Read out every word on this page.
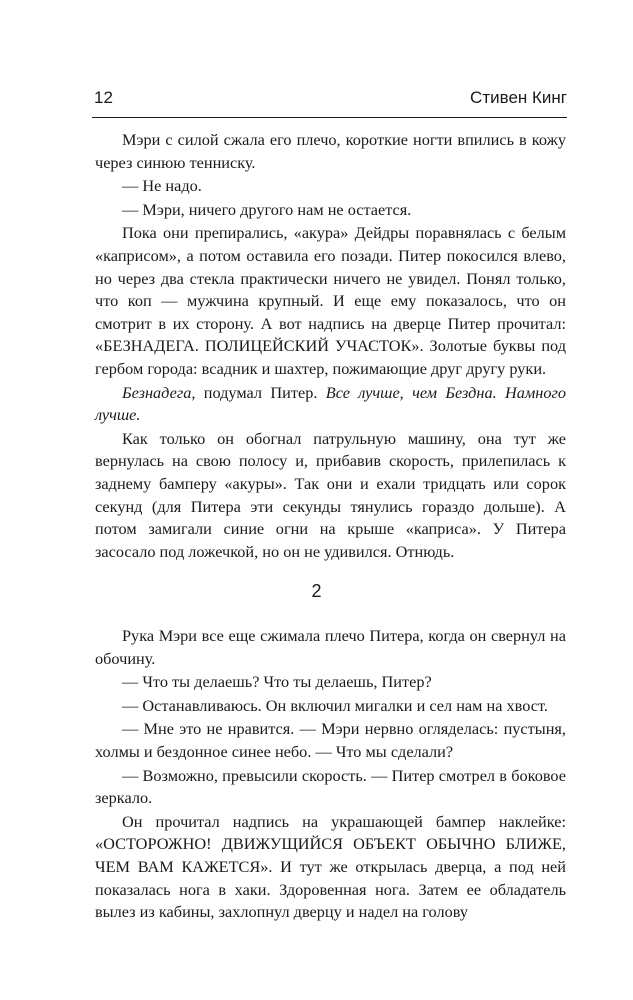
12	Стивен Кинг

Мэри с силой сжала его плечо, короткие ногти впились в кожу через синюю тенниску.

— Не надо.

— Мэри, ничего другого нам не остается.

Пока они препирались, «акура» Дейдры поравнялась с белым «каприсом», а потом оставила его позади. Питер покосился влево, но через два стекла практически ничего не увидел. Понял только, что коп — мужчина крупный. И еще ему показалось, что он смотрит в их сторону. А вот надпись на дверце Питер прочитал: «БЕЗНАДЕГА. ПОЛИЦЕЙСКИЙ УЧАСТОК». Золотые буквы под гербом города: всадник и шахтер, пожимающие друг другу руки.

Безнадега, подумал Питер. Все лучше, чем Бездна. Намного лучше.

Как только он обогнал патрульную машину, она тут же вернулась на свою полосу и, прибавив скорость, прилепилась к заднему бамперу «акуры». Так они и ехали тридцать или сорок секунд (для Питера эти секунды тянулись гораздо дольше). А потом замигали синие огни на крыше «каприса». У Питера засосало под ложечкой, но он не удивился. Отнюдь.

2

Рука Мэри все еще сжимала плечо Питера, когда он свернул на обочину.

— Что ты делаешь? Что ты делаешь, Питер?

— Останавливаюсь. Он включил мигалки и сел нам на хвост.

— Мне это не нравится. — Мэри нервно огляделась: пустыня, холмы и бездонное синее небо. — Что мы сделали?

— Возможно, превысили скорость. — Питер смотрел в боковое зеркало.

Он прочитал надпись на украшающей бампер наклейке: «ОСТОРОЖНО! ДВИЖУЩИЙСЯ ОБЪЕКТ ОБЫЧНО БЛИЖЕ, ЧЕМ ВАМ КАЖЕТСЯ». И тут же открылась дверца, а под ней показалась нога в хаки. Здоровенная нога. Затем ее обладатель вылез из кабины, захлопнул дверцу и надел на голову
